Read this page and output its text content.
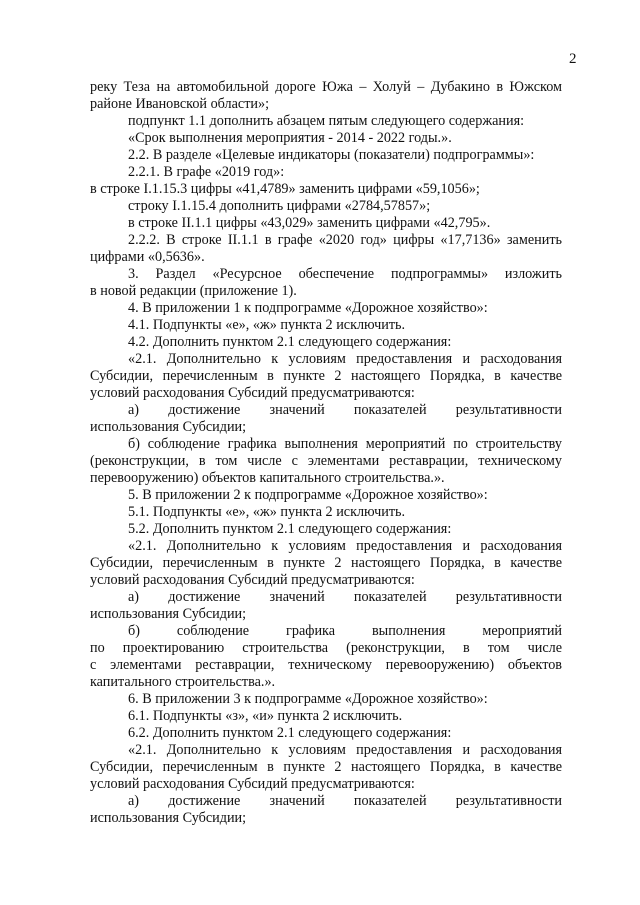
2
реку Теза на автомобильной дороге Южа – Холуй – Дубакино в Южском
районе Ивановской области»;
подпункт 1.1 дополнить абзацем пятым следующего содержания:
«Срок выполнения мероприятия - 2014 - 2022 годы.».
2.2. В разделе «Целевые индикаторы (показатели) подпрограммы»:
2.2.1. В графе «2019 год»:
в строке I.1.15.3 цифры «41,4789» заменить цифрами «59,1056»;
строку I.1.15.4 дополнить цифрами «2784,57857»;
в строке II.1.1 цифры «43,029» заменить цифрами «42,795».
2.2.2. В строке II.1.1 в графе «2020 год» цифры «17,7136» заменить
цифрами «0,5636».
3. Раздел «Ресурсное обеспечение подпрограммы» изложить
в новой редакции (приложение 1).
4. В приложении 1 к подпрограмме «Дорожное хозяйство»:
4.1. Подпункты «е», «ж» пункта 2 исключить.
4.2. Дополнить пунктом 2.1 следующего содержания:
«2.1. Дополнительно к условиям предоставления и расходования
Субсидии, перечисленным в пункте 2 настоящего Порядка, в качестве
условий расходования Субсидий предусматриваются:
а) достижение значений показателей результативности
использования Субсидии;
б) соблюдение графика выполнения мероприятий по строительству
(реконструкции, в том числе с элементами реставрации, техническому
перевооружению) объектов капитального строительства.».
5. В приложении 2 к подпрограмме «Дорожное хозяйство»:
5.1. Подпункты «е», «ж» пункта 2 исключить.
5.2. Дополнить пунктом 2.1 следующего содержания:
«2.1. Дополнительно к условиям предоставления и расходования
Субсидии, перечисленным в пункте 2 настоящего Порядка, в качестве
условий расходования Субсидий предусматриваются:
а) достижение значений показателей результативности
использования Субсидии;
б) соблюдение графика выполнения мероприятий
по проектированию строительства (реконструкции, в том числе
с элементами реставрации, техническому перевооружению) объектов
капитального строительства.».
6. В приложении 3 к подпрограмме «Дорожное хозяйство»:
6.1. Подпункты «з», «и» пункта 2 исключить.
6.2. Дополнить пунктом 2.1 следующего содержания:
«2.1. Дополнительно к условиям предоставления и расходования
Субсидии, перечисленным в пункте 2 настоящего Порядка, в качестве
условий расходования Субсидий предусматриваются:
а) достижение значений показателей результативности
использования Субсидии;
